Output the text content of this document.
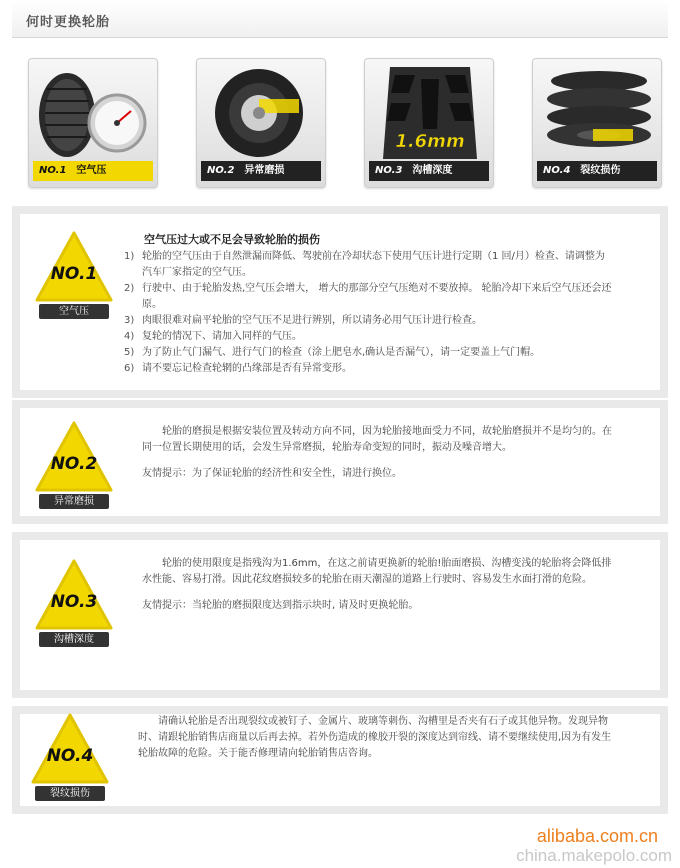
何时更换轮胎
NO.1 空气压	NO.2 异常磨损
1.6mm
NO.3 沟槽深度	NO.4 裂纹损伤
NO.1
空气压
空气压过大或不足会导致轮胎的损伤
1) 轮胎的空气压由于自然泄漏而降低、驾驶前在冷却状态下使用气压计进行定期（1 回/月）检查、请调整为汽车厂家指定的空气压。
2) 行驶中、由于轮胎发热,空气压会增大， 增大的那部分空气压绝对不要放掉。 轮胎冷却下来后空气压还会还原。
3) 肉眼很难对扁平轮胎的空气压不足进行辨别，所以请务必用气压计进行检查。
4) 复轮的情况下、请加入同样的气压。
5) 为了防止气门漏气、进行气门的检查（涂上肥皂水,确认是否漏气），请一定要盖上气门帽。
6) 请不要忘记检查轮辋的凸缘部是否有异常变形。
NO.2
异常磨损
轮胎的磨损是根据安装位置及转动方向不同，因为轮胎接地面受力不同，故轮胎磨损并不是均匀的。在同一位置长期使用的话，会发生异常磨损，轮胎寿命变短的同时，振动及噪音增大。
友情提示：为了保证轮胎的经济性和安全性，请进行换位。
NO.3
沟槽深度
轮胎的使用限度是指残沟为1.6mm，在这之前请更换新的轮胎!胎面磨损、沟槽变浅的轮胎将会降低排水性能、容易打滑。因此花纹磨损较多的轮胎在雨天潮湿的道路上行驶时、容易发生水面打滑的危险。
友情提示：当轮胎的磨损限度达到指示块时, 请及时更换轮胎。
NO.4
裂纹损伤
请确认轮胎是否出现裂纹或被钉子、金属片、玻璃等刺伤、沟槽里是否夹有石子或其他异物。发现异物时、请跟轮胎销售店商量以后再去掉。若外伤造成的橡胶开裂的深度达到帘线、请不要继续使用,因为有发生轮胎故障的危险。关于能否修理请向轮胎销售店咨询。
alibaba.com.cn
china.makepolo.com
